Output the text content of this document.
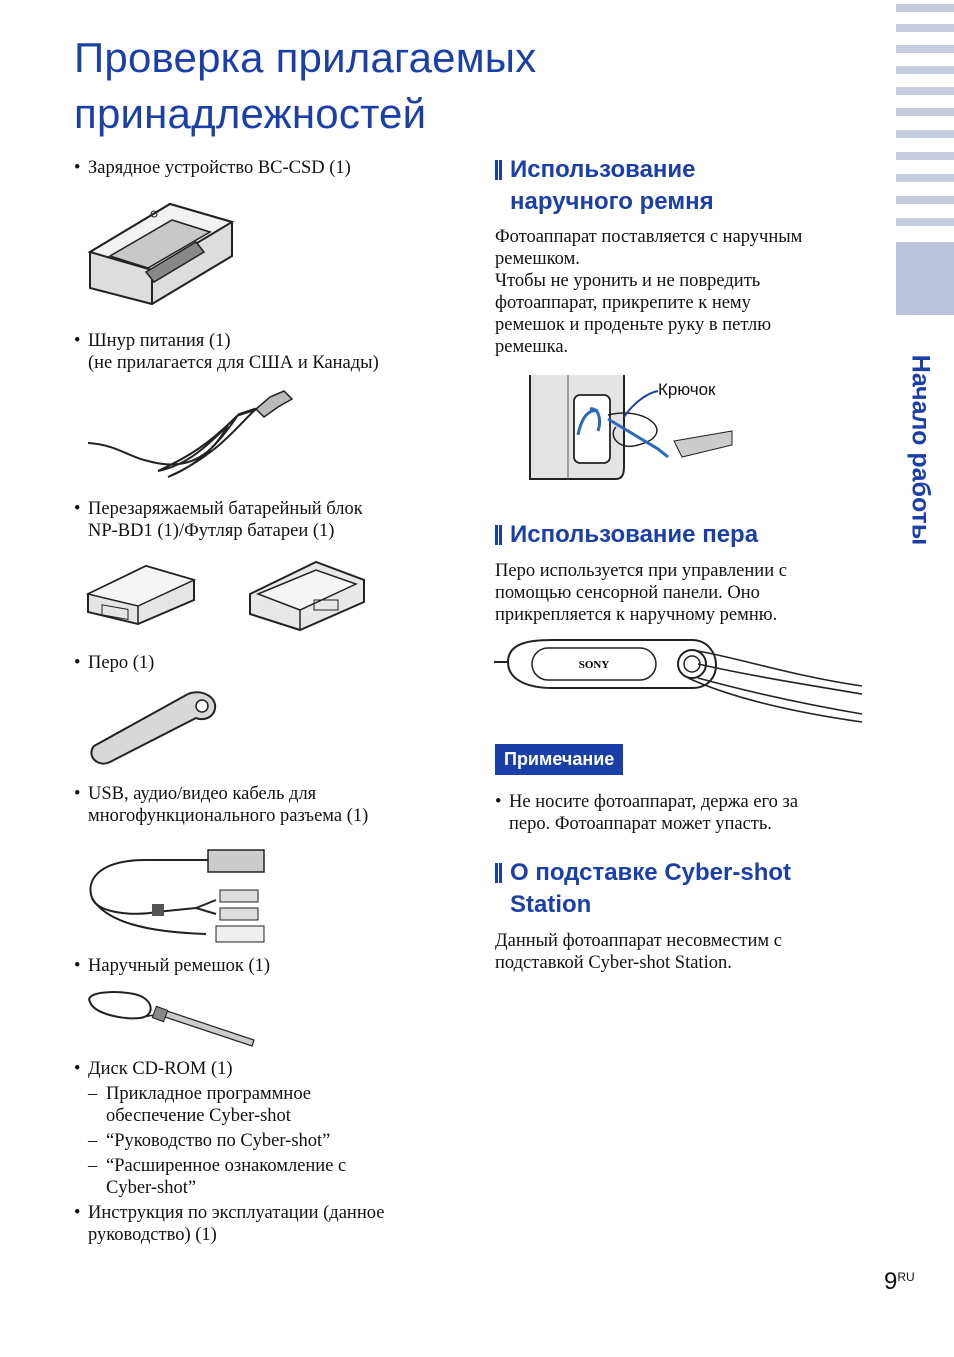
Начало работы
Проверка прилагаемых
принадлежностей
• Зарядное устройство BC-CSD (1)
• Шнур питания (1)
(не прилагается для США и Канады)
• Перезаряжаемый батарейный блок
NP-BD1 (1)/Футляр батареи (1)
• Перо (1)
• USB, аудио/видео кабель для
многофункционального разъема (1)
• Наручный ремешок (1)
• Диск CD-ROM (1)
– Прикладное программное
обеспечение Cyber-shot
– “Руководство по Cyber-shot”
– “Расширенное ознакомление с
Cyber-shot”
• Инструкция по эксплуатации (данное
руководство) (1)
Использование
наручного ремня
Фотоаппарат поставляется с наручным
ремешком.
Чтобы не уронить и не повредить
фотоаппарат, прикрепите к нему
ремешок и проденьте руку в петлю
ремешка.
Крючок
Использование пера
Перо используется при управлении с
помощью сенсорной панели. Оно
прикрепляется к наручному ремню.
SONY
Примечание
• Не носите фотоаппарат, держа его за
перо. Фотоаппарат может упасть.
О подставке Cyber-shot
Station
Данный фотоаппарат несовместим с
подставкой Cyber-shot Station.
$9^{RU}$
